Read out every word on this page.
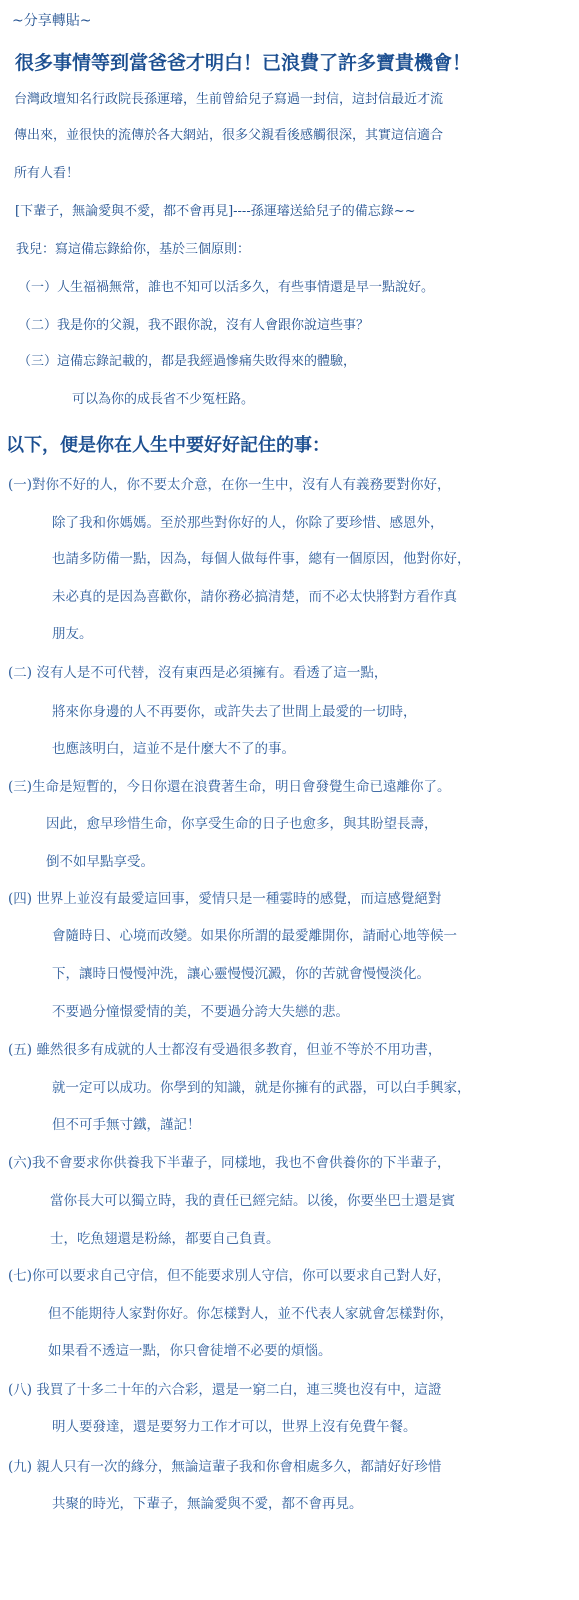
~分享轉貼~
很多事情等到當爸爸才明白！已浪費了許多寶貴機會！
台灣政壇知名行政院長孫運璿，生前曾給兒子寫過一封信，這封信最近才流
傳出來，並很快的流傳於各大網站，很多父親看後感觸很深，其實這信適合
所有人看！
[下輩子，無論愛與不愛，都不會再見]----孫運璿送給兒子的備忘錄~~
我兒：寫這備忘錄給你，基於三個原則：
（一）人生福禍無常，誰也不知可以活多久，有些事情還是早一點說好。
（二）我是你的父親，我不跟你說，沒有人會跟你說這些事？
（三）這備忘錄記載的，都是我經過慘痛失敗得來的體驗，
可以為你的成長省不少冤枉路。
以下，便是你在人生中要好好記住的事：
(一)對你不好的人，你不要太介意，在你一生中，沒有人有義務要對你好，
除了我和你媽媽。至於那些對你好的人，你除了要珍惜、感恩外，
也請多防備一點，因為，每個人做每件事，總有一個原因，他對你好，
未必真的是因為喜歡你，請你務必搞清楚，而不必太快將對方看作真
朋友。
(二) 沒有人是不可代替，沒有東西是必須擁有。看透了這一點，
將來你身邊的人不再要你，或許失去了世間上最愛的一切時，
也應該明白，這並不是什麼大不了的事。
(三)生命是短暫的，今日你還在浪費著生命，明日會發覺生命已遠離你了。
因此，愈早珍惜生命，你享受生命的日子也愈多，與其盼望長壽，
倒不如早點享受。
(四) 世界上並沒有最愛這回事，愛情只是一種霎時的感覺，而這感覺絕對
會隨時日、心境而改變。如果你所謂的最愛離開你，請耐心地等候一
下，讓時日慢慢沖洗，讓心靈慢慢沉澱，你的苦就會慢慢淡化。
不要過分憧憬愛情的美，不要過分誇大失戀的悲。
(五) 雖然很多有成就的人士都沒有受過很多教育，但並不等於不用功書，
就一定可以成功。你學到的知識，就是你擁有的武器，可以白手興家，
但不可手無寸鐵，謹記！
(六)我不會要求你供養我下半輩子，同樣地，我也不會供養你的下半輩子，
當你長大可以獨立時，我的責任已經完結。以後，你要坐巴士還是賓
士，吃魚翅還是粉絲，都要自己負責。
(七)你可以要求自己守信，但不能要求別人守信，你可以要求自己對人好，
但不能期待人家對你好。你怎樣對人，並不代表人家就會怎樣對你，
如果看不透這一點，你只會徒增不必要的煩惱。
(八) 我買了十多二十年的六合彩，還是一窮二白，連三獎也沒有中，這證
明人要發達，還是要努力工作才可以，世界上沒有免費午餐。
(九) 親人只有一次的緣分，無論這輩子我和你會相處多久，都請好好珍惜
共聚的時光，下輩子，無論愛與不愛，都不會再見。
